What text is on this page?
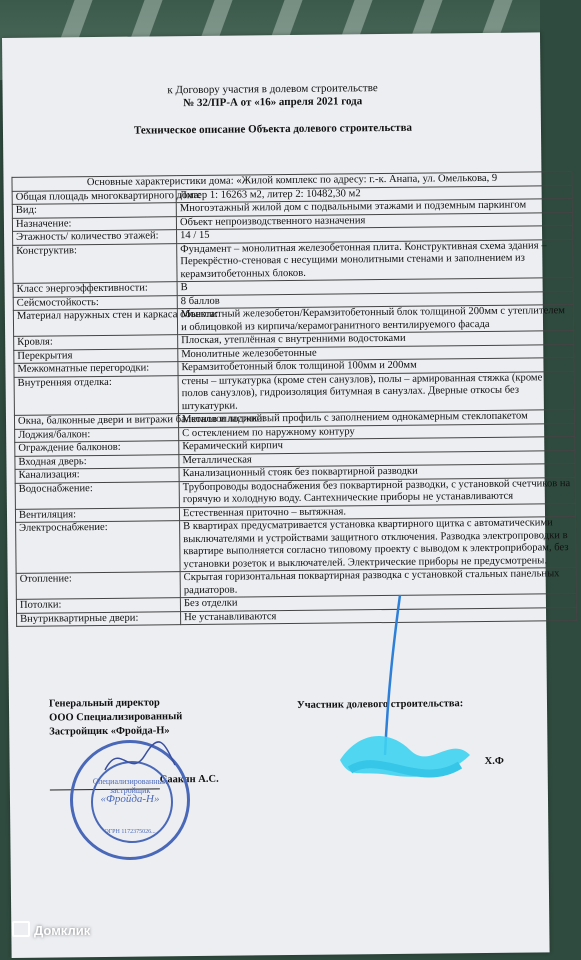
к Договору участия в долевом строительстве
№ 32/ПР-А от «16» апреля 2021 года
Техническое описание Объекта долевого строительства
Основные характеристики дома: «Жилой комплекс по адресу: г.-к. Анапа, ул. Омелькова, 9	
Общая площадь многоквартирного дома:	Литер 1: 16263 м2, литер 2: 10482,30 м2
Вид:	Многоэтажный жилой дом с подвальными этажами и подземным паркингом
Назначение:	Объект непроизводственного назначения
Этажность/ количество этажей:	14 / 15
Конструктив:	Фундамент – монолитная железобетонная плита. Конструктивная схема здания – Перекрёстно-стеновая с несущими монолитными стенами и заполнением из керамзитобетонных блоков.
Класс энергоэффективности:	B
Сейсмостойкость:	8 баллов
Материал наружных стен и каркаса объекта:	Монолитный железобетон/Керамзитобетонный блок толщиной 200мм с утеплителем и облицовкой из кирпича/керамогранитного вентилируемого фасада
Кровля:	Плоская, утеплённая с внутренними водостоками
Перекрытия	Монолитные железобетонные
Межкомнатные перегородки:	Керамзитобетонный блок толщиной 100мм и 200мм
Внутренняя отделка:	стены – штукатурка (кроме стен санузлов), полы – армированная стяжка (кроме полов санузлов), гидроизоляция битумная в санузлах. Дверные откосы без штукатурки.
Окна, балконные двери и витражи балконов и лоджий:	Металлопластиковый профиль с заполнением однокамерным стеклопакетом
Лоджия/балкон:	С остеклением по наружному контуру
Ограждение балконов:	Керамический кирпич
Входная дверь:	Металлическая
Канализация:	Канализационный стояк без поквартирной разводки
Водоснабжение:	Трубопроводы водоснабжения без поквартирной разводки, с установкой счетчиков на горячую и холодную воду. Сантехнические приборы не устанавливаются
Вентиляция:	Естественная приточно – вытяжная.
Электроснабжение:	В квартирах предусматривается установка квартирного щитка с автоматическими выключателями и устройствами защитного отключения. Разводка электропроводки в квартире выполняется согласно типовому проекту с выводом к электроприборам, без установки розеток и выключателей. Электрические приборы не предусмотрены.
Отопление:	Скрытая горизонтальная поквартирная разводка с установкой стальных панельных радиаторов.
Потолки:	Без отделки
Внутриквартирные двери:	Не устанавливаются
Генеральный директор
ООО Специализированный
Застройщик «Фройда-Н»
Саакян А.С.
Участник долевого строительства:
Х.Ф
Специализированный застройщик
«Фройда-Н»
ОГРН 1172375026...
Домклик
